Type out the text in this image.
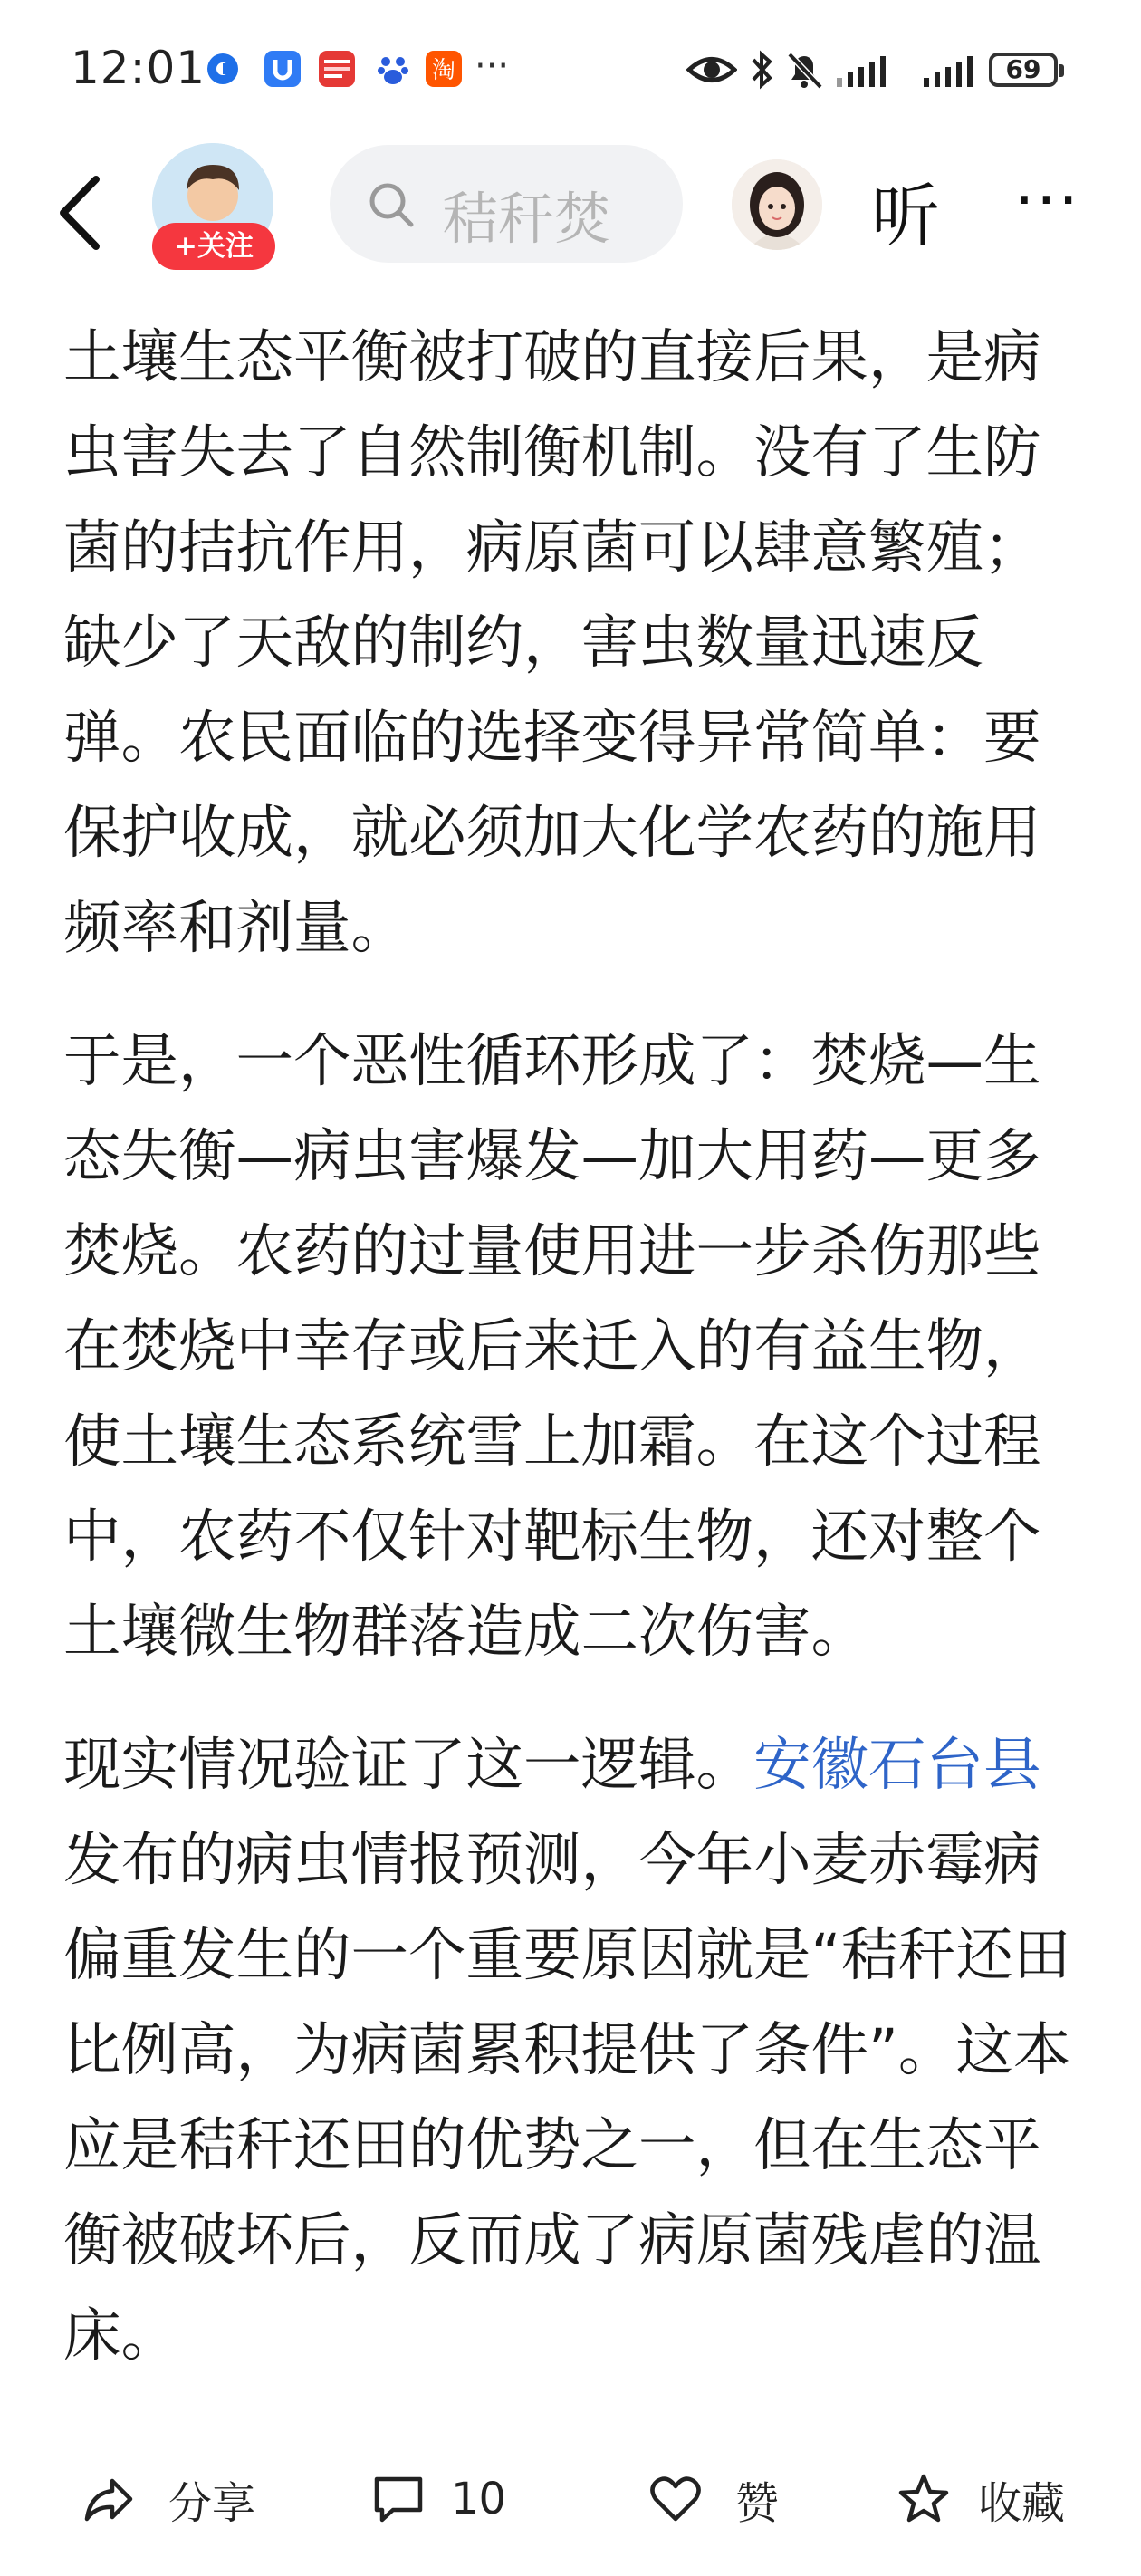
12:01	淘 ···	69
+关注	秸秆焚	听 ···

土壤生态平衡被打破的直接后果，是病虫害失去了自然制衡机制。没有了生防菌的拮抗作用，病原菌可以肆意繁殖；缺少了天敌的制约，害虫数量迅速反弹。农民面临的选择变得异常简单：要保护收成，就必须加大化学农药的施用频率和剂量。

于是，一个恶性循环形成了：焚烧—生态失衡—病虫害爆发—加大用药—更多焚烧。农药的过量使用进一步杀伤那些在焚烧中幸存或后来迁入的有益生物，使土壤生态系统雪上加霜。在这个过程中，农药不仅针对靶标生物，还对整个土壤微生物群落造成二次伤害。

现实情况验证了这一逻辑。安徽石台县发布的病虫情报预测，今年小麦赤霉病偏重发生的一个重要原因就是“秸秆还田比例高，为病菌累积提供了条件”。这本应是秸秆还田的优势之一，但在生态平衡被破坏后，反而成了病原菌残虐的温床。

分享	10	赞	收藏
